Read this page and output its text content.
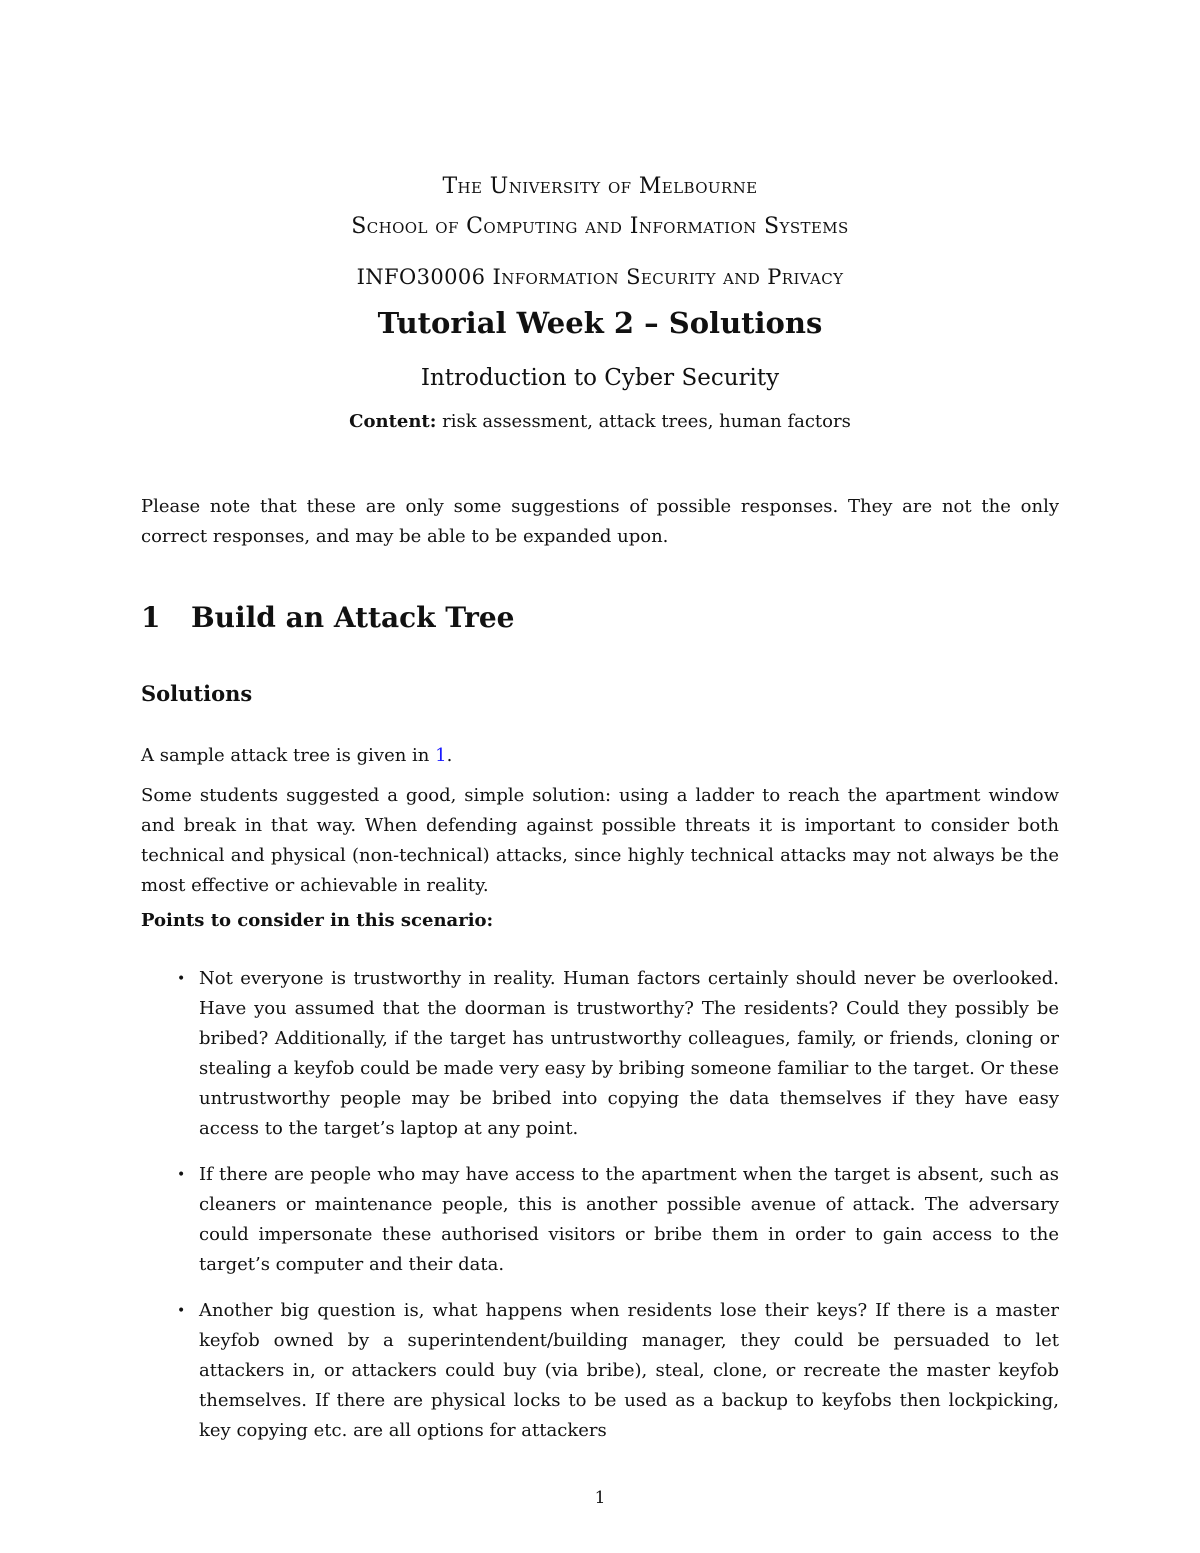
The University of Melbourne
School of Computing and Information Systems
INFO30006 Information Security and Privacy
Tutorial Week 2 – Solutions
Introduction to Cyber Security
Content: risk assessment, attack trees, human factors
Please note that these are only some suggestions of possible responses. They are not the only correct responses, and may be able to be expanded upon.
1 Build an Attack Tree
Solutions
A sample attack tree is given in 1.
Some students suggested a good, simple solution: using a ladder to reach the apartment window and break in that way. When defending against possible threats it is important to consider both technical and physical (non-technical) attacks, since highly technical attacks may not always be the most effective or achievable in reality.
Points to consider in this scenario:
• Not everyone is trustworthy in reality. Human factors certainly should never be overlooked. Have you assumed that the doorman is trustworthy? The residents? Could they possibly be bribed? Additionally, if the target has untrustworthy colleagues, family, or friends, cloning or stealing a keyfob could be made very easy by bribing someone familiar to the target. Or these untrustworthy people may be bribed into copying the data themselves if they have easy access to the target’s laptop at any point.
• If there are people who may have access to the apartment when the target is absent, such as cleaners or maintenance people, this is another possible avenue of attack. The adversary could impersonate these authorised visitors or bribe them in order to gain access to the target’s computer and their data.
• Another big question is, what happens when residents lose their keys? If there is a master keyfob owned by a superintendent/building manager, they could be persuaded to let attackers in, or attackers could buy (via bribe), steal, clone, or recreate the master keyfob themselves. If there are physical locks to be used as a backup to keyfobs then lockpicking, key copying etc. are all options for attackers
1
